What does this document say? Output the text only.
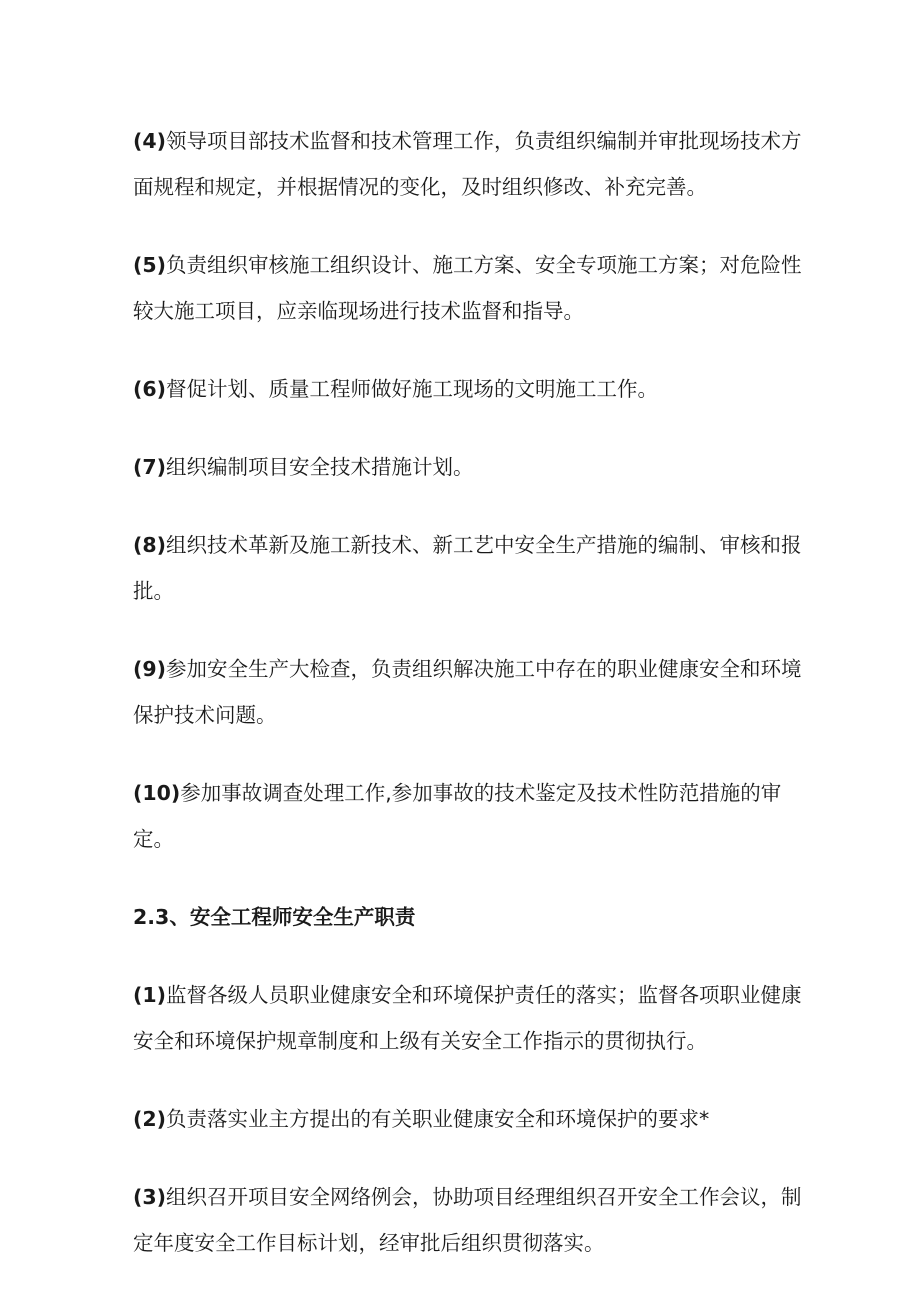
(4)领导项目部技术监督和技术管理工作，负责组织编制并审批现场技术方面规程和规定，并根据情况的变化，及时组织修改、补充完善。

(5)负责组织审核施工组织设计、施工方案、安全专项施工方案；对危险性较大施工项目，应亲临现场进行技术监督和指导。

(6)督促计划、质量工程师做好施工现场的文明施工工作。

(7)组织编制项目安全技术措施计划。

(8)组织技术革新及施工新技术、新工艺中安全生产措施的编制、审核和报批。

(9)参加安全生产大检查，负责组织解决施工中存在的职业健康安全和环境保护技术问题。

(10)参加事故调查处理工作,参加事故的技术鉴定及技术性防范措施的审定。

2.3、安全工程师安全生产职责

(1)监督各级人员职业健康安全和环境保护责任的落实；监督各项职业健康安全和环境保护规章制度和上级有关安全工作指示的贯彻执行。

(2)负责落实业主方提出的有关职业健康安全和环境保护的要求*

(3)组织召开项目安全网络例会，协助项目经理组织召开安全工作会议，制定年度安全工作目标计划，经审批后组织贯彻落实。
